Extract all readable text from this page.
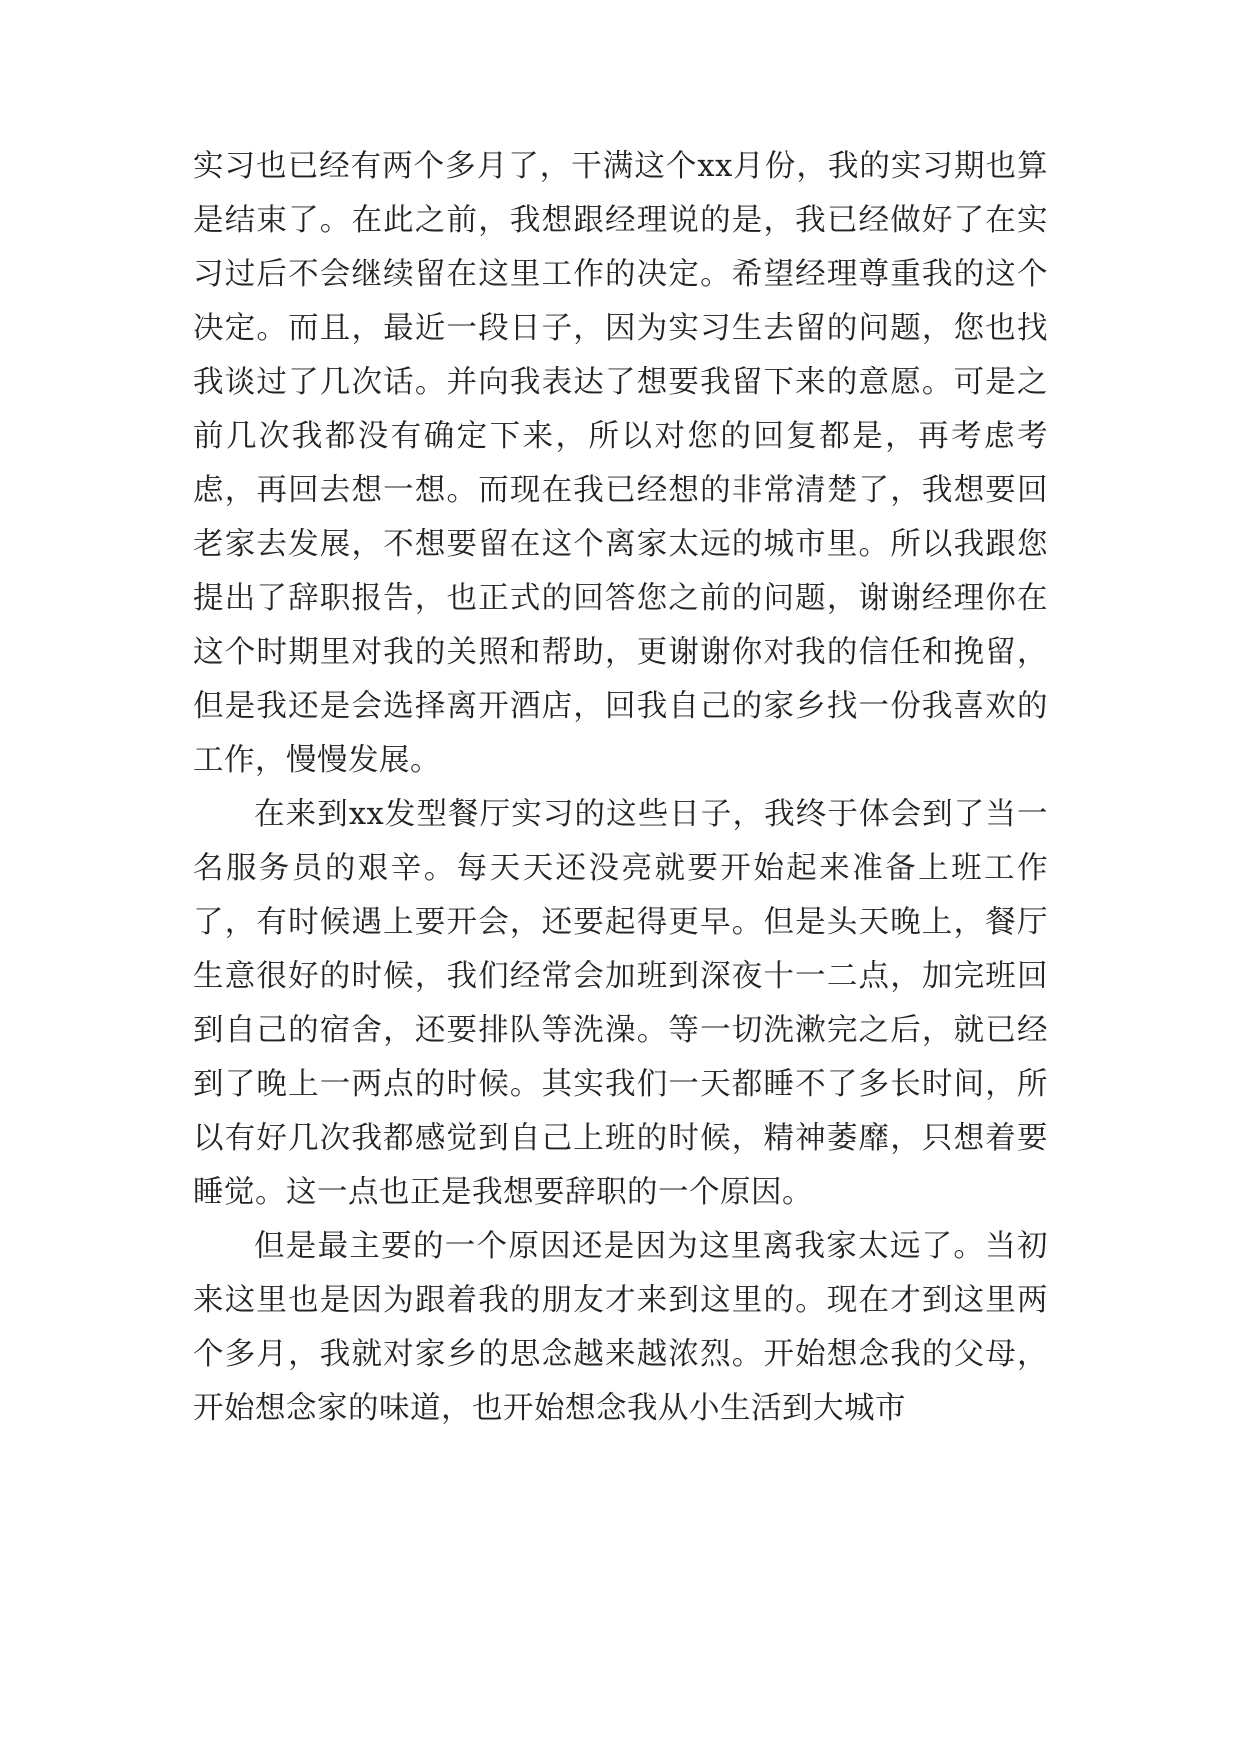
实习也已经有两个多月了，干满这个xx月份，我的实习期也算是结束了。在此之前，我想跟经理说的是，我已经做好了在实习过后不会继续留在这里工作的决定。希望经理尊重我的这个决定。而且，最近一段日子，因为实习生去留的问题，您也找我谈过了几次话。并向我表达了想要我留下来的意愿。可是之前几次我都没有确定下来，所以对您的回复都是，再考虑考虑，再回去想一想。而现在我已经想的非常清楚了，我想要回老家去发展，不想要留在这个离家太远的城市里。所以我跟您提出了辞职报告，也正式的回答您之前的问题，谢谢经理你在这个时期里对我的关照和帮助，更谢谢你对我的信任和挽留，但是我还是会选择离开酒店，回我自己的家乡找一份我喜欢的工作，慢慢发展。

在来到xx发型餐厅实习的这些日子，我终于体会到了当一名服务员的艰辛。每天天还没亮就要开始起来准备上班工作了，有时候遇上要开会，还要起得更早。但是头天晚上，餐厅生意很好的时候，我们经常会加班到深夜十一二点，加完班回到自己的宿舍，还要排队等洗澡。等一切洗漱完之后，就已经到了晚上一两点的时候。其实我们一天都睡不了多长时间，所以有好几次我都感觉到自己上班的时候，精神萎靡，只想着要睡觉。这一点也正是我想要辞职的一个原因。

但是最主要的一个原因还是因为这里离我家太远了。当初来这里也是因为跟着我的朋友才来到这里的。现在才到这里两个多月，我就对家乡的思念越来越浓烈。开始想念我的父母，开始想念家的味道，也开始想念我从小生活到大城市
